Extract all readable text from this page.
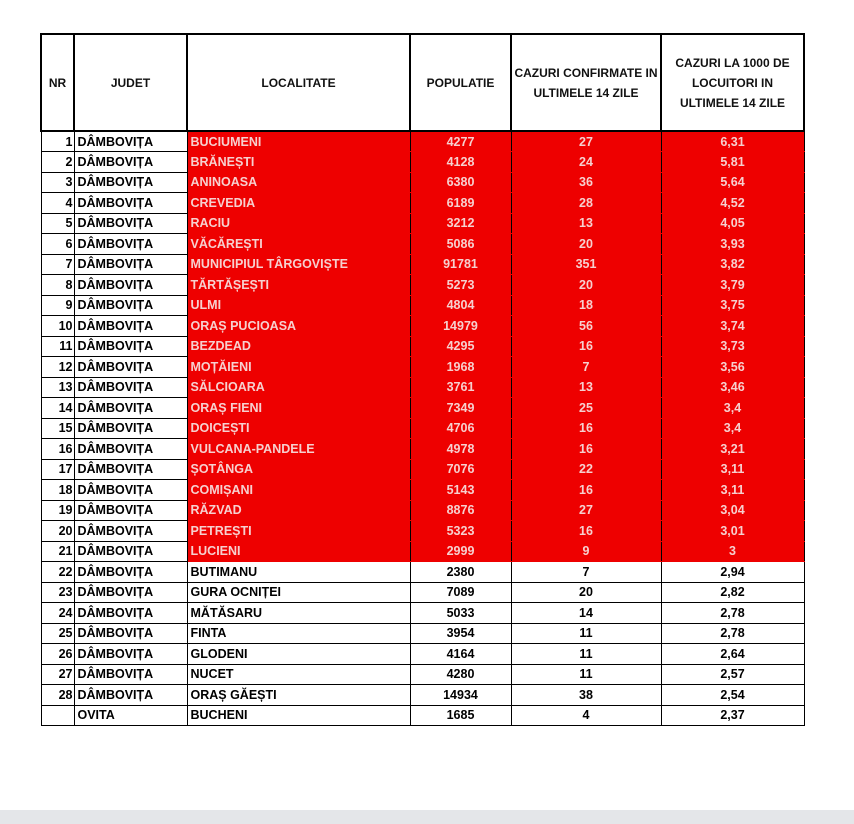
NR	JUDET	LOCALITATE	POPULATIE	CAZURI CONFIRMATE IN ULTIMELE 14 ZILE	CAZURI LA 1000 DE LOCUITORI IN ULTIMELE 14 ZILE
1	DÂMBOVIȚA	BUCIUMENI	4277	27	6,31
2	DÂMBOVIȚA	BRĂNEȘTI	4128	24	5,81
3	DÂMBOVIȚA	ANINOASA	6380	36	5,64
4	DÂMBOVIȚA	CREVEDIA	6189	28	4,52
5	DÂMBOVIȚA	RACIU	3212	13	4,05
6	DÂMBOVIȚA	VĂCĂREȘTI	5086	20	3,93
7	DÂMBOVIȚA	MUNICIPIUL TÂRGOVIȘTE	91781	351	3,82
8	DÂMBOVIȚA	TĂRTĂȘEȘTI	5273	20	3,79
9	DÂMBOVIȚA	ULMI	4804	18	3,75
10	DÂMBOVIȚA	ORAȘ PUCIOASA	14979	56	3,74
11	DÂMBOVIȚA	BEZDEAD	4295	16	3,73
12	DÂMBOVIȚA	MOȚĂIENI	1968	7	3,56
13	DÂMBOVIȚA	SĂLCIOARA	3761	13	3,46
14	DÂMBOVIȚA	ORAȘ FIENI	7349	25	3,4
15	DÂMBOVIȚA	DOICEȘTI	4706	16	3,4
16	DÂMBOVIȚA	VULCANA-PANDELE	4978	16	3,21
17	DÂMBOVIȚA	ȘOTÂNGA	7076	22	3,11
18	DÂMBOVIȚA	COMIȘANI	5143	16	3,11
19	DÂMBOVIȚA	RĂZVAD	8876	27	3,04
20	DÂMBOVIȚA	PETREȘTI	5323	16	3,01
21	DÂMBOVIȚA	LUCIENI	2999	9	3
22	DÂMBOVIȚA	BUTIMANU	2380	7	2,94
23	DÂMBOVIȚA	GURA OCNIȚEI	7089	20	2,82
24	DÂMBOVIȚA	MĂTĂSARU	5033	14	2,78
25	DÂMBOVIȚA	FINTA	3954	11	2,78
26	DÂMBOVIȚA	GLODENI	4164	11	2,64
27	DÂMBOVIȚA	NUCET	4280	11	2,57
28	DÂMBOVIȚA	ORAȘ GĂEȘTI	14934	38	2,54
	OVITA	BUCHENI	1685	4	2,37
